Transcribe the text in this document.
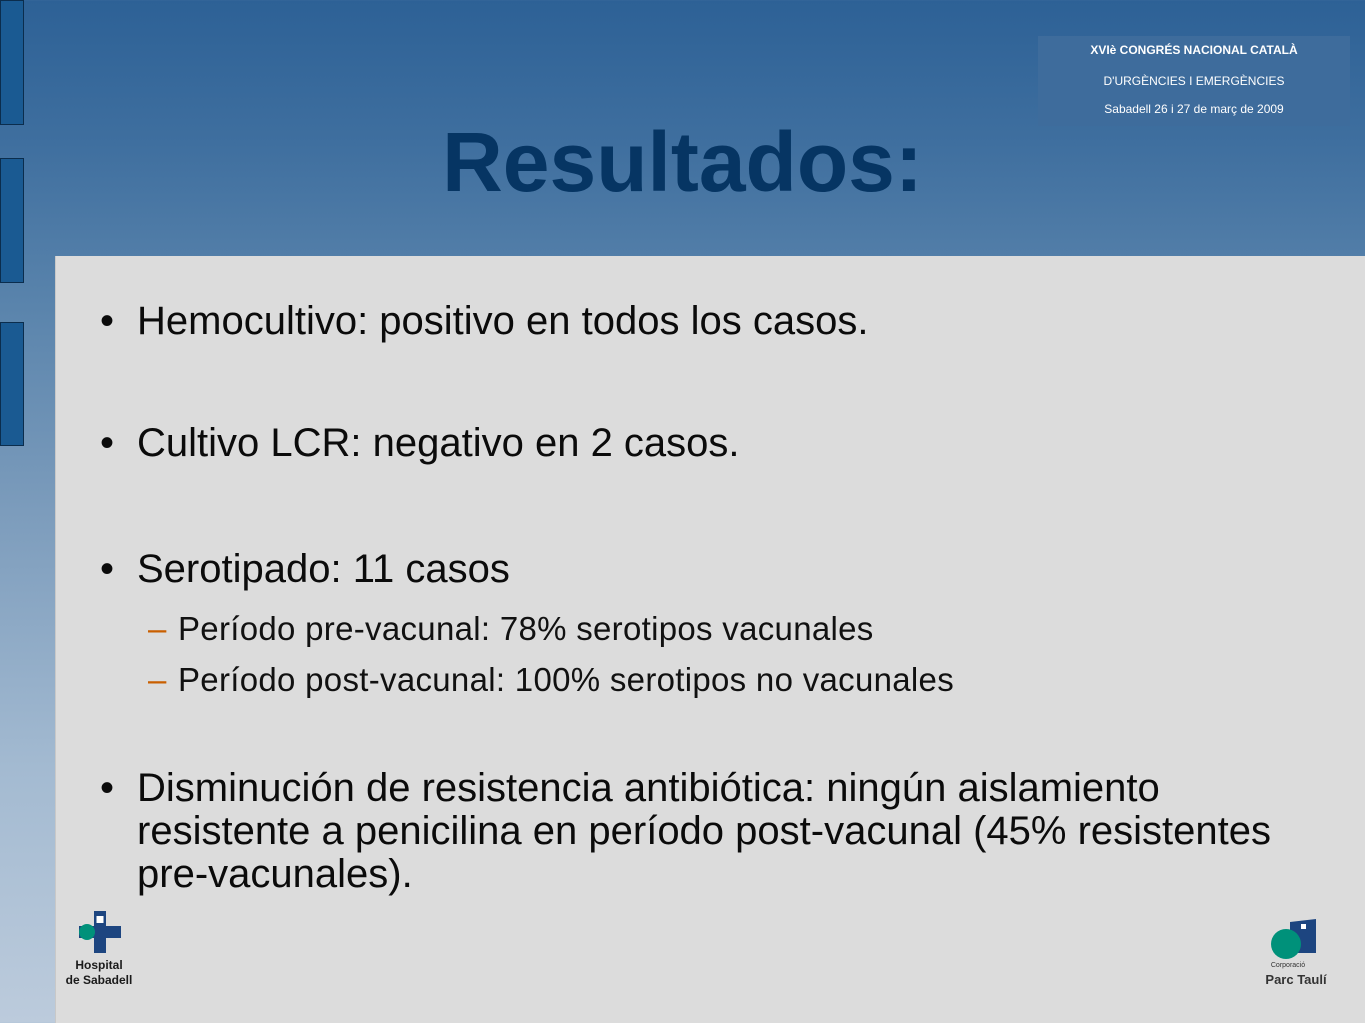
XVIè CONGRÉS NACIONAL CATALÀ
D'URGÈNCIES I EMERGÈNCIES
Sabadell 26 i 27 de març de 2009
Resultados:
• Hemocultivo: positivo en todos los casos.
• Cultivo LCR: negativo en 2 casos.
• Serotipado: 11 casos
– Período pre-vacunal: 78% serotipos vacunales
– Período post-vacunal: 100% serotipos no vacunales
• Disminución de resistencia antibiótica: ningún aislamiento resistente a penicilina en período post-vacunal (45% resistentes pre-vacunales).
Hospital
de Sabadell
Corporació
Parc Taulí
